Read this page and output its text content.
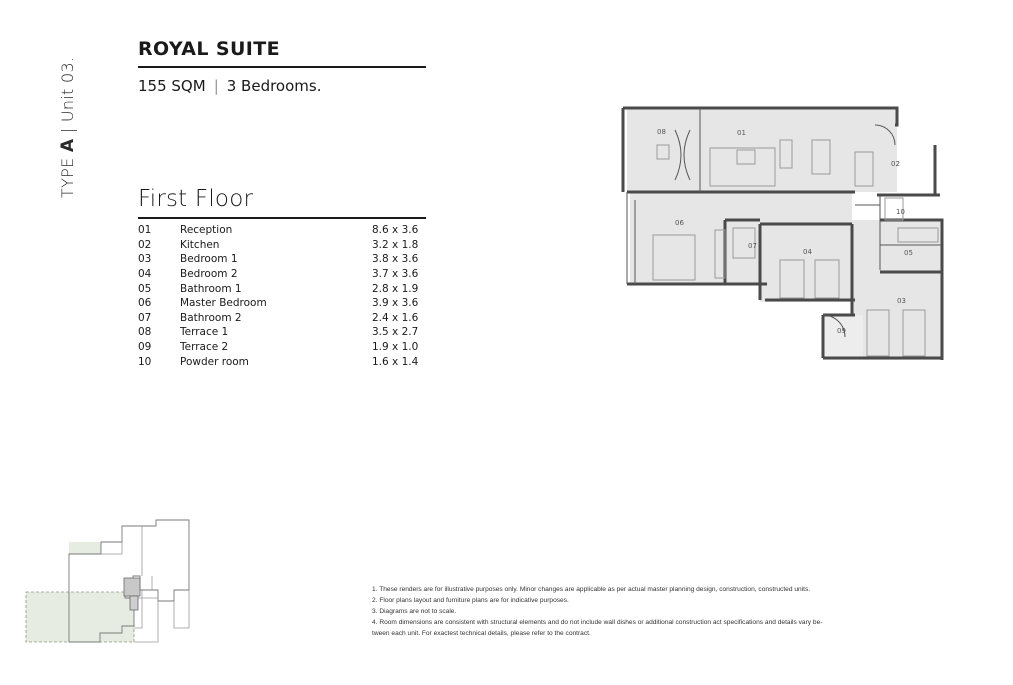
TYPE A | Unit 03.
ROYAL SUITE
155 SQM | 3 Bedrooms.
First Floor
01	Reception	8.6 x 3.6
02	Kitchen	3.2 x 1.8
03	Bedroom 1	3.8 x 3.6
04	Bedroom 2	3.7 x 3.6
05	Bathroom 1	2.8 x 1.9
06	Master Bedroom	3.9 x 3.6
07	Bathroom 2	2.4 x 1.6
08	Terrace 1	3.5 x 2.7
09	Terrace 2	1.9 x 1.0
10	Powder room	1.6 x 1.4
01
02
03
04	05
06
07
08
09
10

1. These renders are for illustrative purposes only. Minor changes are applicable as per actual master planning design, construction, constructed units.

2. Floor plans layout and furniture plans are for indicative purposes.

3. Diagrams are not to scale.

4. Room dimensions are consistent with structural elements and do not include wall dishes or additional construction act specifications and details vary be-

tween each unit. For exactest technical details, please refer to the contract.
